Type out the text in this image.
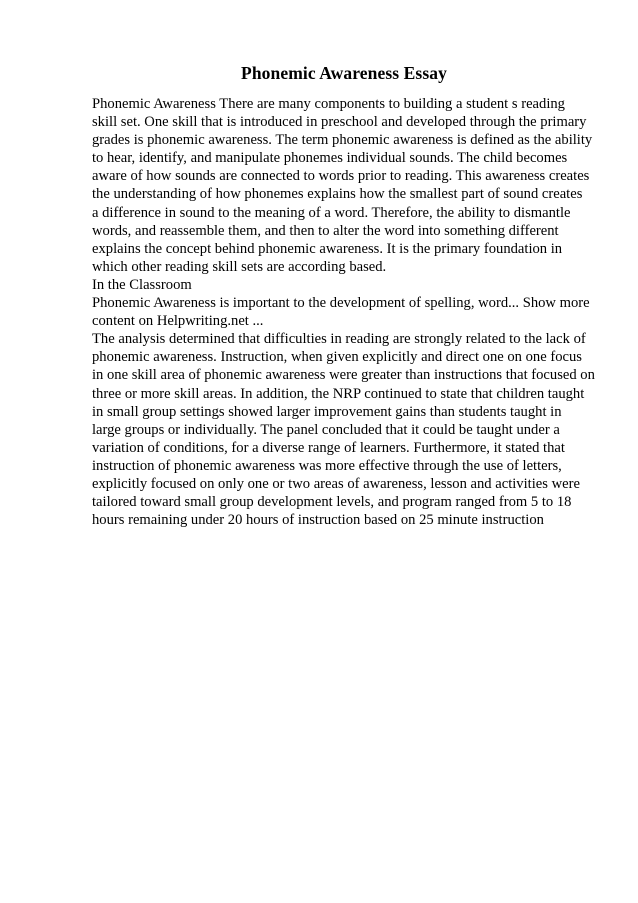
Phonemic Awareness Essay
Phonemic Awareness There are many components to building a student s reading
skill set. One skill that is introduced in preschool and developed through the primary
grades is phonemic awareness. The term phonemic awareness is defined as the ability
to hear, identify, and manipulate phonemes individual sounds. The child becomes
aware of how sounds are connected to words prior to reading. This awareness creates
the understanding of how phonemes explains how the smallest part of sound creates
a difference in sound to the meaning of a word. Therefore, the ability to dismantle
words, and reassemble them, and then to alter the word into something different
explains the concept behind phonemic awareness. It is the primary foundation in
which other reading skill sets are according based.
In the Classroom
Phonemic Awareness is important to the development of spelling, word... Show more
content on Helpwriting.net ...
The analysis determined that difficulties in reading are strongly related to the lack of
phonemic awareness. Instruction, when given explicitly and direct one on one focus
in one skill area of phonemic awareness were greater than instructions that focused on
three or more skill areas. In addition, the NRP continued to state that children taught
in small group settings showed larger improvement gains than students taught in
large groups or individually. The panel concluded that it could be taught under a
variation of conditions, for a diverse range of learners. Furthermore, it stated that
instruction of phonemic awareness was more effective through the use of letters,
explicitly focused on only one or two areas of awareness, lesson and activities were
tailored toward small group development levels, and program ranged from 5 to 18
hours remaining under 20 hours of instruction based on 25 minute instruction
